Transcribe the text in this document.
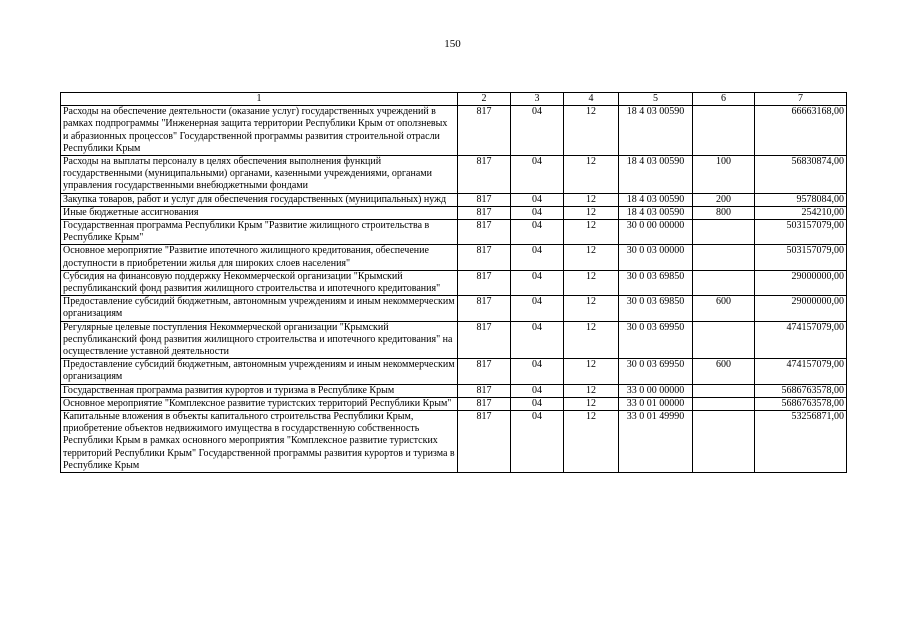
150
1	2	3	4	5	6	7
Расходы на обеспечение деятельности (оказание услуг) государственных учреждений в рамках подпрограммы "Инженерная защита территории Республики Крым от оползневых и абразионных процессов" Государственной программы развития строительной отрасли Республики Крым	817	04	12	18 4 03 00590		66663168,00
Расходы на выплаты персоналу в целях обеспечения выполнения функций государственными (муниципальными) органами, казенными учреждениями, органами управления государственными внебюджетными фондами	817	04	12	18 4 03 00590	100	56830874,00
Закупка товаров, работ и услуг для обеспечения государственных (муниципальных) нужд	817	04	12	18 4 03 00590	200	9578084,00
Иные бюджетные ассигнования	817	04	12	18 4 03 00590	800	254210,00
Государственная программа Республики Крым "Развитие жилищного строительства в Республике Крым"	817	04	12	30 0 00 00000		503157079,00
Основное мероприятие "Развитие ипотечного жилищного кредитования, обеспечение доступности в приобретении жилья для широких слоев населения"	817	04	12	30 0 03 00000		503157079,00
Субсидия на финансовую поддержку Некоммерческой организации "Крымский республиканский фонд развития жилищного строительства и ипотечного кредитования"	817	04	12	30 0 03 69850		29000000,00
Предоставление субсидий бюджетным, автономным учреждениям и иным некоммерческим организациям	817	04	12	30 0 03 69850	600	29000000,00
Регулярные целевые поступления Некоммерческой организации "Крымский республиканский фонд развития жилищного строительства и ипотечного кредитования" на осуществление уставной деятельности	817	04	12	30 0 03 69950		474157079,00
Предоставление субсидий бюджетным, автономным учреждениям и иным некоммерческим организациям	817	04	12	30 0 03 69950	600	474157079,00
Государственная программа развития курортов и туризма в Республике Крым	817	04	12	33 0 00 00000		5686763578,00
Основное мероприятие "Комплексное развитие туристских территорий Республики Крым"	817	04	12	33 0 01 00000		5686763578,00
Капитальные вложения в объекты капитального строительства Республики Крым, приобретение объектов недвижимого имущества в государственную собственность Республики Крым в рамках основного мероприятия "Комплексное развитие туристских территорий Республики Крым" Государственной программы развития курортов и туризма в Республике Крым	817	04	12	33 0 01 49990		53256871,00
